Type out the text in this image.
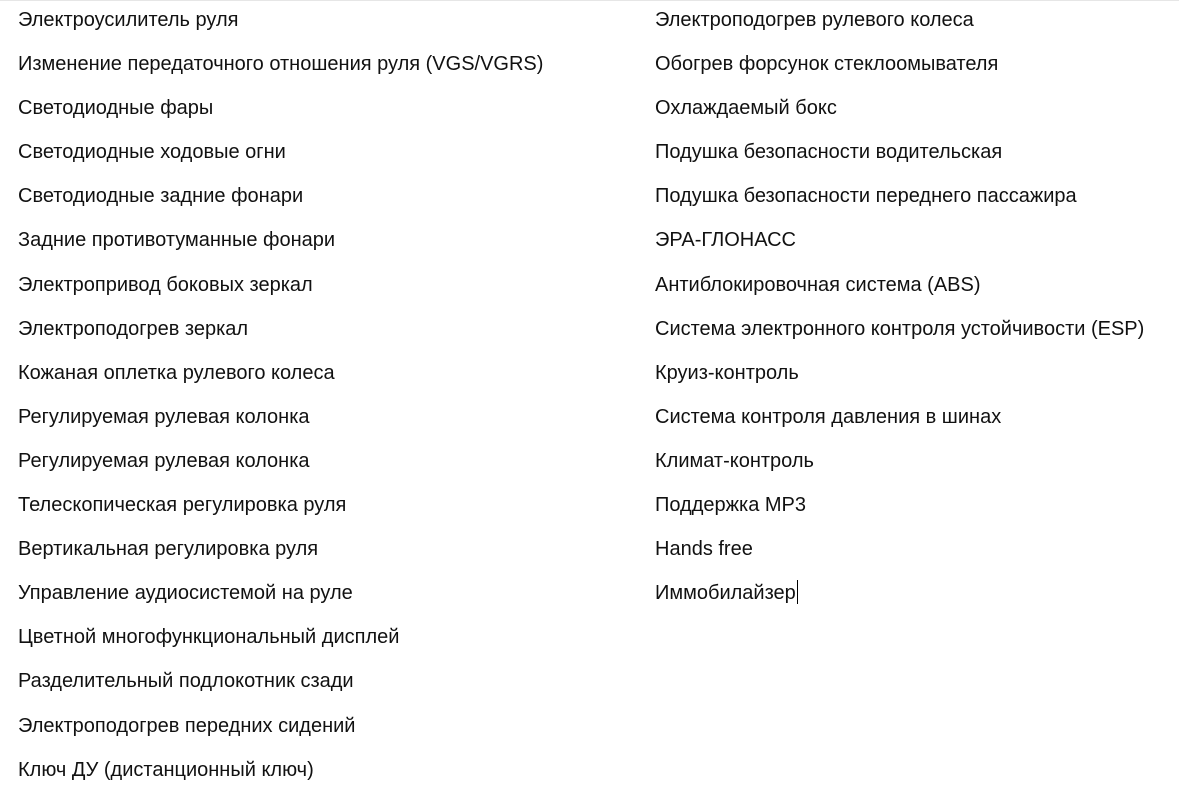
Электроусилитель руля
Изменение передаточного отношения руля (VGS/VGRS)
Светодиодные фары
Светодиодные ходовые огни
Светодиодные задние фонари
Задние противотуманные фонари
Электропривод боковых зеркал
Электроподогрев зеркал
Кожаная оплетка рулевого колеса
Регулируемая рулевая колонка
Регулируемая рулевая колонка
Телескопическая регулировка руля
Вертикальная регулировка руля
Управление аудиосистемой на руле
Цветной многофункциональный дисплей
Разделительный подлокотник сзади
Электроподогрев передних сидений
Ключ ДУ (дистанционный ключ)
Электроподогрев рулевого колеса
Обогрев форсунок стеклоомывателя
Охлаждаемый бокс
Подушка безопасности водительская
Подушка безопасности переднего пассажира
ЭРА-ГЛОНАСС
Антиблокировочная система (ABS)
Система электронного контроля устойчивости (ESP)
Круиз-контроль
Система контроля давления в шинах
Климат-контроль
Поддержка MP3
Hands free
Иммобилайзер
